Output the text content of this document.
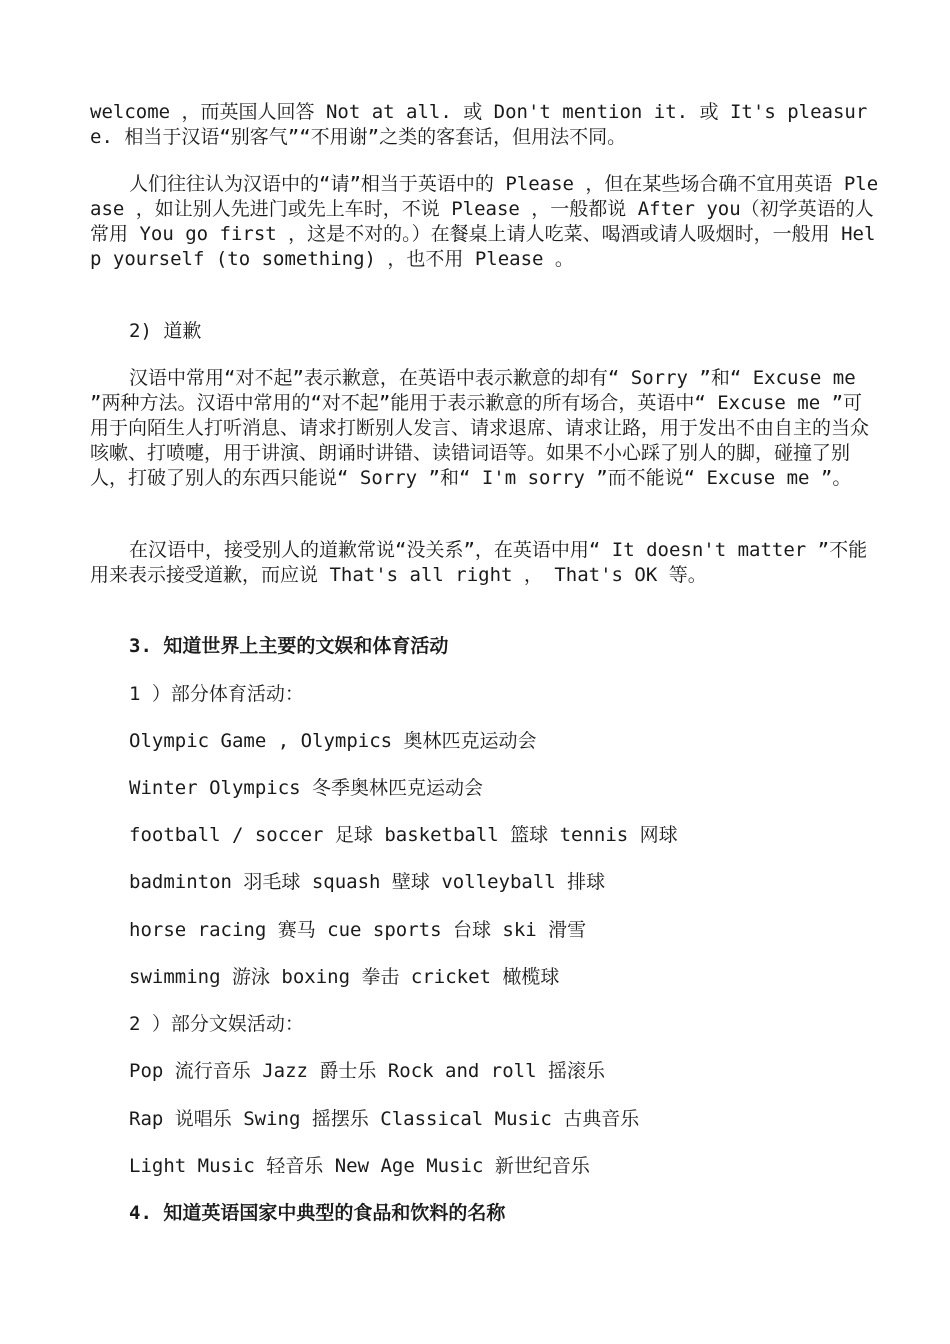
welcome ，而英国人回答 Not at all. 或 Don't mention it. 或 It's pleasure. 相当于汉语“别客气”“不用谢”之类的客套话，但用法不同。

人们往往认为汉语中的“请”相当于英语中的 Please ，但在某些场合确不宜用英语 Please ，如让别人先进门或先上车时，不说 Please ，一般都说 After you（初学英语的人常用 You go first ，这是不对的。）在餐桌上请人吃菜、喝酒或请人吸烟时，一般用 Help yourself (to something) ，也不用 Please 。

2) 道歉

汉语中常用“对不起”表示歉意，在英语中表示歉意的却有“ Sorry ”和“ Excuse me ”两种方法。汉语中常用的“对不起”能用于表示歉意的所有场合，英语中“ Excuse me ”可用于向陌生人打听消息、请求打断别人发言、请求退席、请求让路，用于发出不由自主的当众咳嗽、打喷嚏，用于讲演、朗诵时讲错、读错词语等。如果不小心踩了别人的脚，碰撞了别人，打破了别人的东西只能说“ Sorry ”和“ I'm sorry ”而不能说“ Excuse me ”。

在汉语中，接受别人的道歉常说“没关系”，在英语中用“ It doesn't matter ”不能用来表示接受道歉，而应说 That's all right ， That's OK 等。

3. 知道世界上主要的文娱和体育活动

1 ）部分体育活动：

Olympic Game , Olympics 奥林匹克运动会

Winter Olympics 冬季奥林匹克运动会

football / soccer 足球 basketball 篮球 tennis 网球

badminton 羽毛球 squash 壁球 volleyball 排球

horse racing 赛马 cue sports 台球 ski 滑雪

swimming 游泳 boxing 拳击 cricket 橄榄球

2 ）部分文娱活动：

Pop 流行音乐 Jazz 爵士乐 Rock and roll 摇滚乐

Rap 说唱乐 Swing 摇摆乐 Classical Music 古典音乐

Light Music 轻音乐 New Age Music 新世纪音乐

4. 知道英语国家中典型的食品和饮料的名称
